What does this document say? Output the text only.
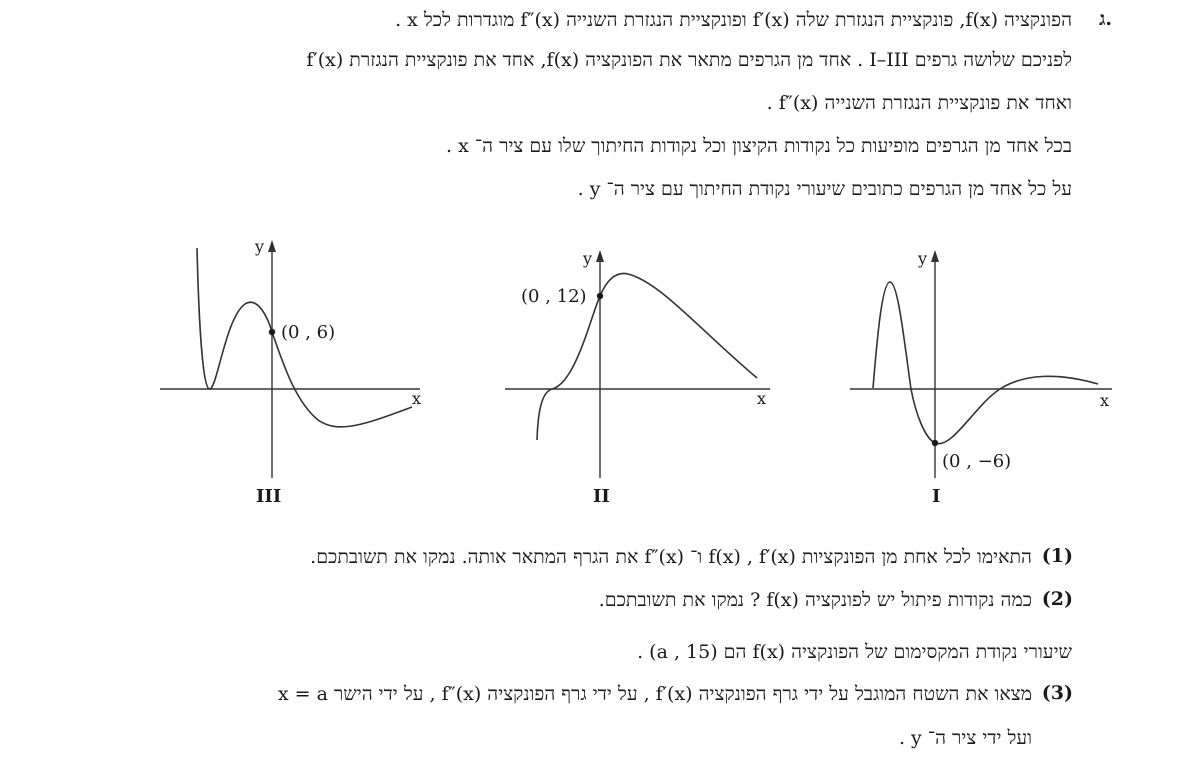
ג.
הפונקציה f(x), פונקציית הנגזרת שלה f′(x) ופונקציית הנגזרת השנייה f″(x) מוגדרות לכל x .
לפניכם שלושה גרפים I–III . אחד מן הגרפים מתאר את הפונקציה f(x), אחד את פונקציית הנגזרת f′(x)
ואחד את פונקציית הנגזרת השנייה f″(x) .
בכל אחד מן הגרפים מופיעות כל נקודות הקיצון וכל נקודות החיתוך שלו עם ציר ה־ x .
על כל אחד מן הגרפים כתובים שיעורי נקודת החיתוך עם ציר ה־ y .
(0 , 6)
y
x
III
(0 , 12)
y
x
II
(0 , −6)
y
x
I
(1)
התאימו לכל אחת מן הפונקציות f(x) , f′(x) ו־ f″(x) את הגרף המתאר אותה. נמקו את תשובתכם.
(2)
כמה נקודות פיתול יש לפונקציה f(x) ? נמקו את תשובתכם.
שיעורי נקודת המקסימום של הפונקציה f(x) הם (a , 15) .
(3)
מצאו את השטח המוגבל על ידי גרף הפונקציה f′(x) , על ידי גרף הפונקציה f″(x) , על ידי הישר x = a
ועל ידי ציר ה־ y .
